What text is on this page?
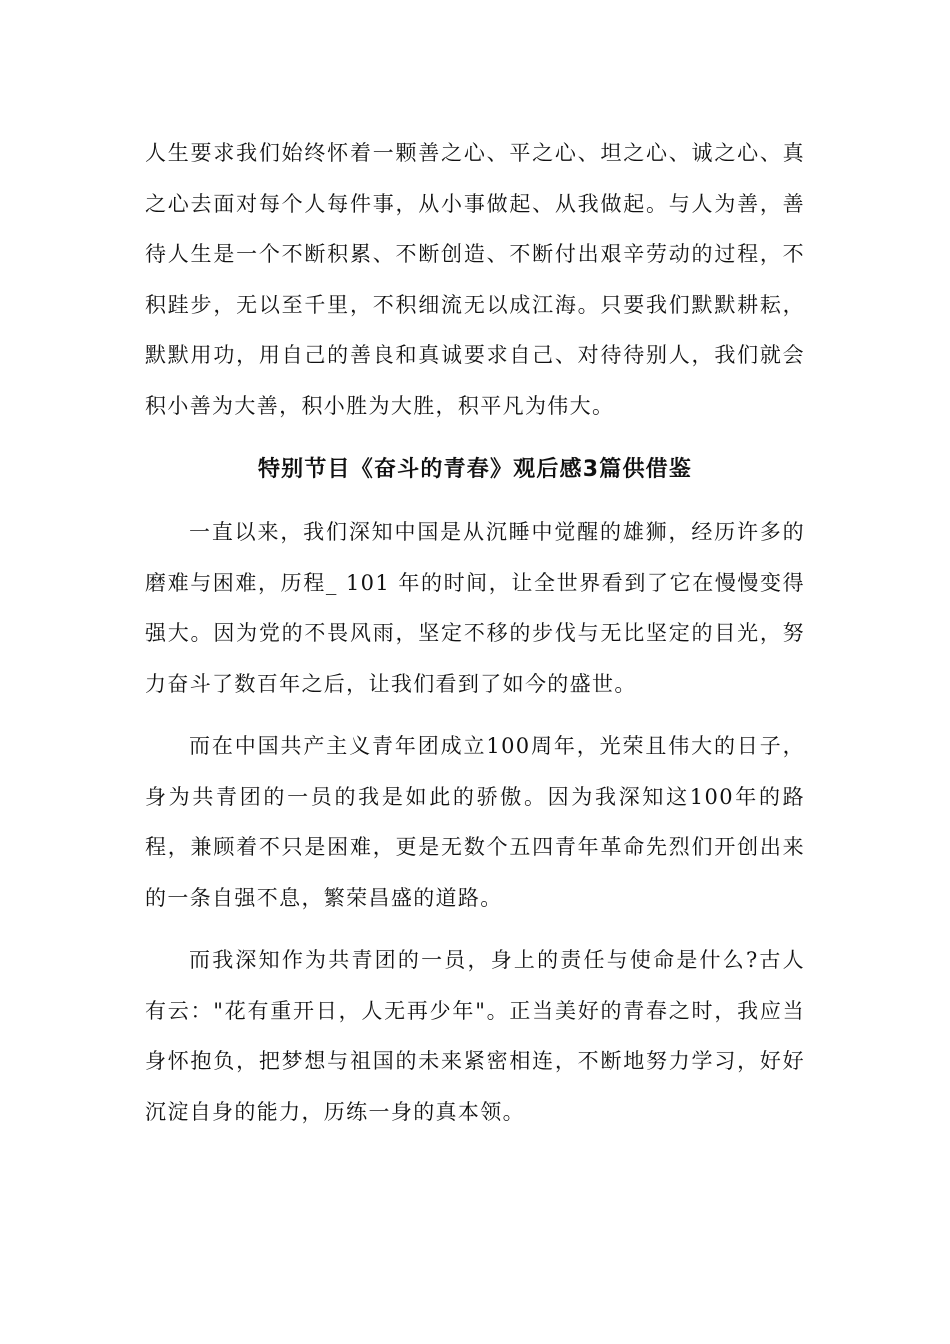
人生要求我们始终怀着一颗善之心、平之心、坦之心、诚之心、真之心去面对每个人每件事，从小事做起、从我做起。与人为善，善待人生是一个不断积累、不断创造、不断付出艰辛劳动的过程，不积跬步，无以至千里，不积细流无以成江海。只要我们默默耕耘，默默用功，用自己的善良和真诚要求自己、对待待别人，我们就会积小善为大善，积小胜为大胜，积平凡为伟大。

特别节目《奋斗的青春》观后感3篇供借鉴

一直以来，我们深知中国是从沉睡中觉醒的雄狮，经历许多的磨难与困难，历程_ 101 年的时间，让全世界看到了它在慢慢变得强大。因为党的不畏风雨，坚定不移的步伐与无比坚定的目光，努力奋斗了数百年之后，让我们看到了如今的盛世。

而在中国共产主义青年团成立100周年，光荣且伟大的日子，身为共青团的一员的我是如此的骄傲。因为我深知这100年的路程，兼顾着不只是困难，更是无数个五四青年革命先烈们开创出来的一条自强不息，繁荣昌盛的道路。

而我深知作为共青团的一员，身上的责任与使命是什么?古人有云："花有重开日，人无再少年"。正当美好的青春之时，我应当身怀抱负，把梦想与祖国的未来紧密相连，不断地努力学习，好好沉淀自身的能力，历练一身的真本领。
